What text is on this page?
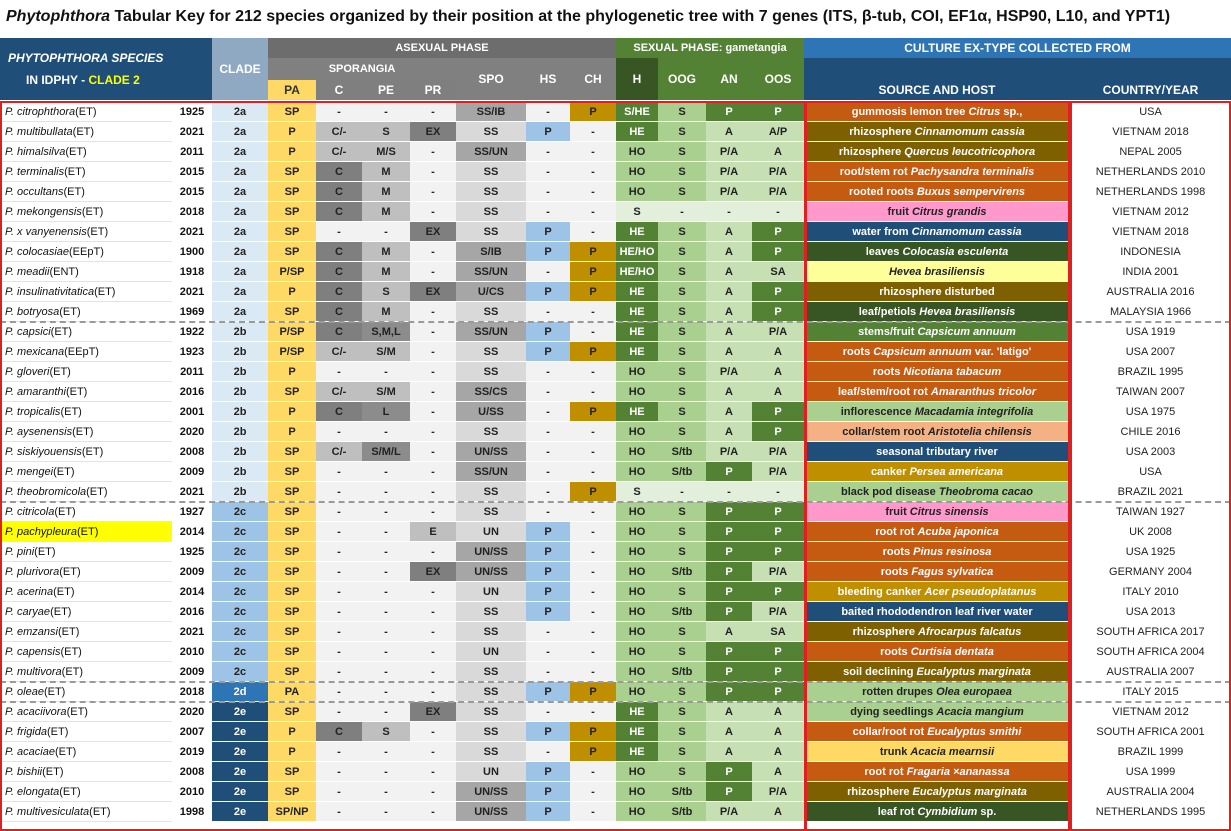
Phytophthora Tabular Key for 212 species organized by their position at the phylogenetic tree with 7 genes (ITS, β-tub, COI, EF1α, HSP90, L10, and YPT1)
PHYTOPHTHORA SPECIES
IN IDPHY - CLADE 2
CLADE
ASEXUAL PHASE
SPORANGIA
PA	C	PE	PR
SPO	HS	CH
SEXUAL PHASE: gametangia
H	OOG	AN	OOS
CULTURE EX-TYPE COLLECTED FROM
SOURCE AND HOST	COUNTRY/YEAR
P. citrophthora (ET)	1925	2a	SP	-	-	-	SS/IB	-	P	S/HE	S	P	P	gummosis lemon tree Citrus sp.,	USA
P. multibullata (ET)	2021	2a	P	C/-	S	EX	SS	P	-	HE	S	A	A/P	rhizosphere Cinnamomum cassia	VIETNAM 2018
P. himalsilva (ET)	2011	2a	P	C/-	M/S	-	SS/UN	-	-	HO	S	P/A	A	rhizosphere Quercus leucotricophora	NEPAL 2005
P. terminalis (ET)	2015	2a	SP	C	M	-	SS	-	-	HO	S	P/A	P/A	root/stem rot Pachysandra terminalis	NETHERLANDS 2010
P. occultans (ET)	2015	2a	SP	C	M	-	SS	-	-	HO	S	P/A	P/A	rooted roots Buxus sempervirens	NETHERLANDS 1998
P. mekongensis (ET)	2018	2a	SP	C	M	-	SS	-	-	S	-	-	-	fruit Citrus grandis	VIETNAM 2012
P. x vanyenensis (ET)	2021	2a	SP	-	-	EX	SS	P	-	HE	S	A	P	water from Cinnamomum cassia	VIETNAM 2018
P. colocasiae (EEpT)	1900	2a	SP	C	M	-	S/IB	P	P	HE/HO	S	A	P	leaves Colocasia esculenta	INDONESIA
P. meadii (ENT)	1918	2a	P/SP	C	M	-	SS/UN	-	P	HE/HO	S	A	SA	Hevea brasiliensis	INDIA 2001
P. insulinativitatica (ET)	2021	2a	P	C	S	EX	U/CS	P	P	HE	S	A	P	rhizosphere disturbed	AUSTRALIA 2016
P. botryosa (ET)	1969	2a	SP	C	M	-	SS	-	-	HE	S	A	P	leaf/petiols Hevea brasiliensis	MALAYSIA 1966
P. capsici (ET)	1922	2b	P/SP	C	S,M,L	-	SS/UN	P	-	HE	S	A	P/A	stems/fruit Capsicum annuum	USA 1919
P. mexicana (EEpT)	1923	2b	P/SP	C/-	S/M	-	SS	P	P	HE	S	A	A	roots Capsicum annuum var. 'latigo'	USA 2007
P. gloveri (ET)	2011	2b	P	-	-	-	SS	-	-	HO	S	P/A	A	roots Nicotiana tabacum	BRAZIL 1995
P. amaranthi (ET)	2016	2b	SP	C/-	S/M	-	SS/CS	-	-	HO	S	A	A	leaf/stem/root rot Amaranthus tricolor	TAIWAN 2007
P. tropicalis (ET)	2001	2b	P	C	L	-	U/SS	-	P	HE	S	A	P	inflorescence Macadamia integrifolia	USA 1975
P. aysenensis (ET)	2020	2b	P	-	-	-	SS	-	-	HO	S	A	P	collar/stem root Aristotelia chilensis	CHILE 2016
P. siskiyouensis (ET)	2008	2b	SP	C/-	S/M/L	-	UN/SS	-	-	HO	S/tb	P/A	P/A	seasonal tributary river	USA 2003
P. mengei (ET)	2009	2b	SP	-	-	-	SS/UN	-	-	HO	S/tb	P	P/A	canker Persea americana	USA
P. theobromicola (ET)	2021	2b	SP	-	-	-	SS	-	P	S	-	-	-	black pod disease Theobroma cacao	BRAZIL 2021
P. citricola (ET)	1927	2c	SP	-	-	-	SS	-	-	HO	S	P	P	fruit Citrus sinensis	TAIWAN 1927
P. pachypleura (ET)	2014	2c	SP	-	-	E	UN	P	-	HO	S	P	P	root rot Acuba japonica	UK 2008
P. pini (ET)	1925	2c	SP	-	-	-	UN/SS	P	-	HO	S	P	P	roots Pinus resinosa	USA 1925
P. plurivora (ET)	2009	2c	SP	-	-	EX	UN/SS	P	-	HO	S/tb	P	P/A	roots Fagus sylvatica	GERMANY 2004
P. acerina (ET)	2014	2c	SP	-	-	-	UN	P	-	HO	S	P	P	bleeding canker Acer pseudoplatanus	ITALY 2010
P. caryae (ET)	2016	2c	SP	-	-	-	SS	P	-	HO	S/tb	P	P/A	baited rhododendron leaf river water	USA 2013
P. emzansi (ET)	2021	2c	SP	-	-	-	SS	-	-	HO	S	A	SA	rhizosphere Afrocarpus falcatus	SOUTH AFRICA 2017
P. capensis (ET)	2010	2c	SP	-	-	-	UN	-	-	HO	S	P	P	roots Curtisia dentata	SOUTH AFRICA 2004
P. multivora (ET)	2009	2c	SP	-	-	-	SS	-	-	HO	S/tb	P	P	soil declining Eucalyptus marginata	AUSTRALIA 2007
P. oleae (ET)	2018	2d	PA	-	-	-	SS	P	P	HO	S	P	P	rotten drupes Olea europaea	ITALY 2015
P. acaciivora (ET)	2020	2e	SP	-	-	EX	SS	-	-	HE	S	A	A	dying seedlings Acacia mangium	VIETNAM 2012
P. frigida (ET)	2007	2e	P	C	S	-	SS	P	P	HE	S	A	A	collar/root rot Eucalyptus smithi	SOUTH AFRICA 2001
P. acaciae (ET)	2019	2e	P	-	-	-	SS	-	P	HE	S	A	A	trunk Acacia mearnsii	BRAZIL 1999
P. bishii (ET)	2008	2e	SP	-	-	-	UN	P	-	HO	S	P	A	root rot Fragaria ×ananassa	USA 1999
P. elongata (ET)	2010	2e	SP	-	-	-	UN/SS	P	-	HO	S/tb	P	P/A	rhizosphere Eucalyptus marginata	AUSTRALIA 2004
P. multivesiculata (ET)	1998	2e	SP/NP	-	-	-	UN/SS	P	-	HO	S/tb	P/A	A	leaf rot Cymbidium sp.	NETHERLANDS 1995
